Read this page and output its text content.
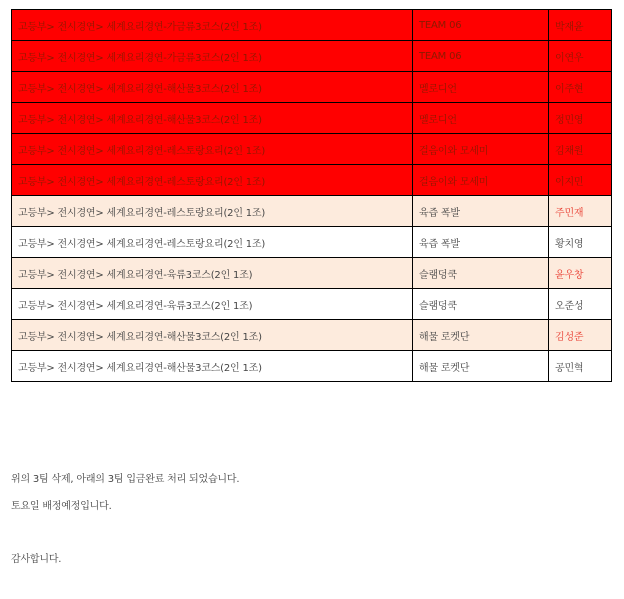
고등부> 전시경연> 세계요리경연-가금류3코스(2인 1조)	TEAM 06	박재윤
고등부> 전시경연> 세계요리경연-가금류3코스(2인 1조)	TEAM 06	이연우
고등부> 전시경연> 세계요리경연-해산물3코스(2인 1조)	멜로디언	이주현
고등부> 전시경연> 세계요리경연-해산물3코스(2인 1조)	멜로디언	정민영
고등부> 전시경연> 세계요리경연-레스토랑요리(2인 1조)	걸음이와 모세미	김채원
고등부> 전시경연> 세계요리경연-레스토랑요리(2인 1조)	걸음이와 모세미	이지민
고등부> 전시경연> 세계요리경연-레스토랑요리(2인 1조)	육즙 폭발	주민재
고등부> 전시경연> 세계요리경연-레스토랑요리(2인 1조)	육즙 폭발	황치영
고등부> 전시경연> 세계요리경연-육류3코스(2인 1조)	슬램덩쿡	윤우창
고등부> 전시경연> 세계요리경연-육류3코스(2인 1조)	슬램덩쿡	오준성
고등부> 전시경연> 세계요리경연-해산물3코스(2인 1조)	해물 로켓단	김성준
고등부> 전시경연> 세계요리경연-해산물3코스(2인 1조)	해물 로켓단	공민혁
위의 3팀 삭제, 아래의 3팀 입금완료 처리 되었습니다.
토요일 배정예정입니다.
감사합니다.
